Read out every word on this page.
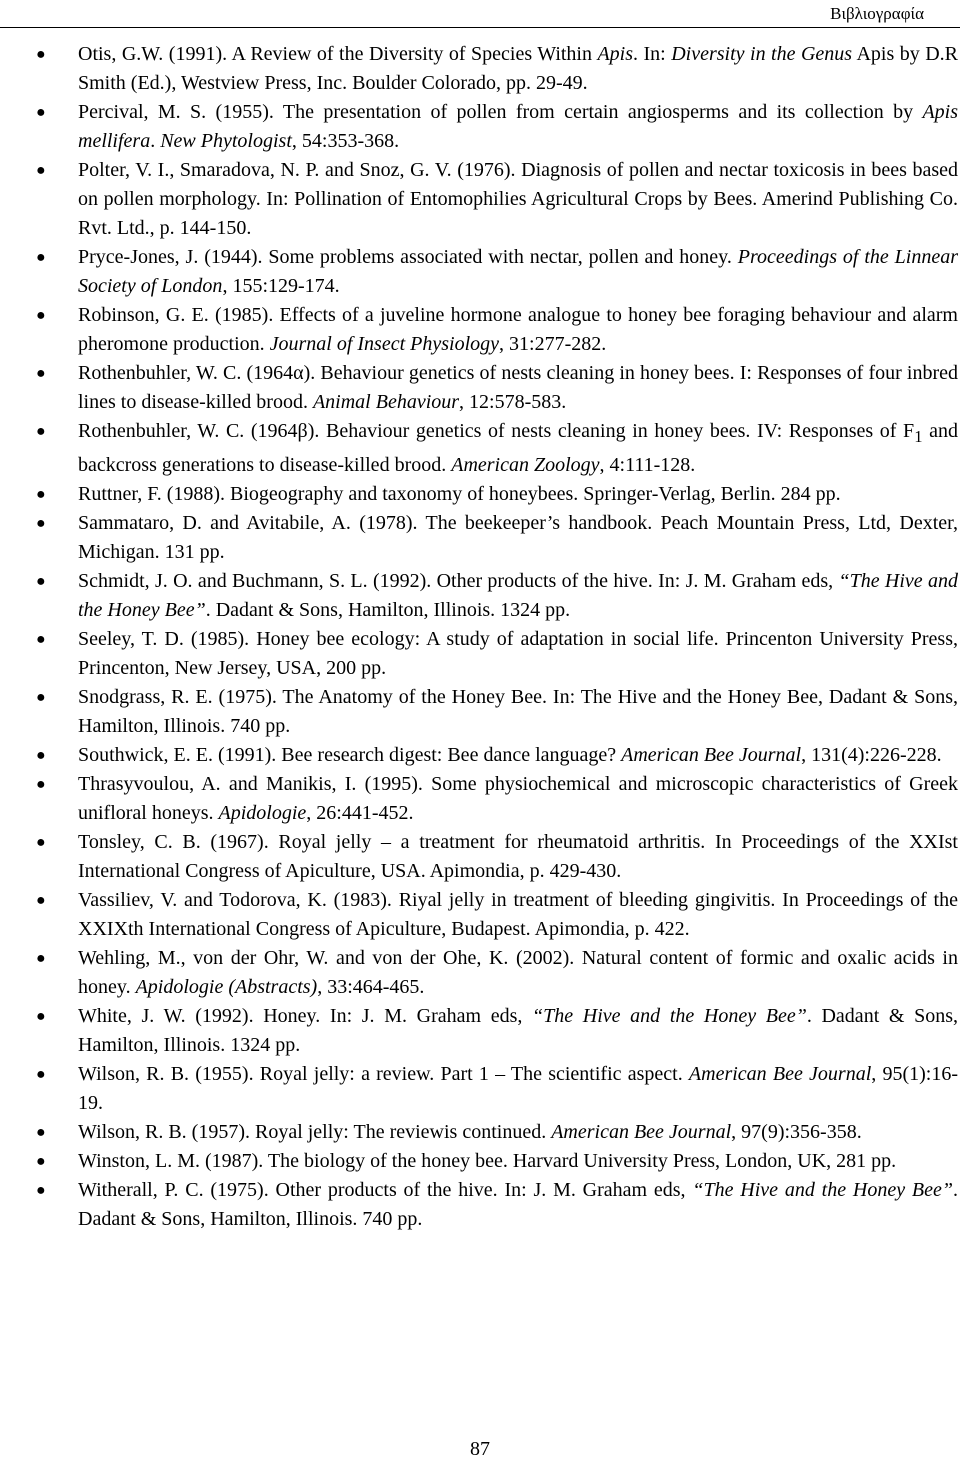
Βιβλιογραφία
● Otis, G.W. (1991). A Review of the Diversity of Species Within Apis. In: Diversity in the Genus Apis by D.R Smith (Ed.), Westview Press, Inc. Boulder Colorado, pp. 29-49.
● Percival, M. S. (1955). The presentation of pollen from certain angiosperms and its collection by Apis mellifera. New Phytologist, 54:353-368.
● Polter, V. I., Smaradova, N. P. and Snoz, G. V. (1976). Diagnosis of pollen and nectar toxicosis in bees based on pollen morphology. In: Pollination of Entomophilies Agricultural Crops by Bees. Amerind Publishing Co. Rvt. Ltd., p. 144-150.
● Pryce-Jones, J. (1944). Some problems associated with nectar, pollen and honey. Proceedings of the Linnear Society of London, 155:129-174.
● Robinson, G. E. (1985). Effects of a juveline hormone analogue to honey bee foraging behaviour and alarm pheromone production. Journal of Insect Physiology, 31:277-282.
● Rothenbuhler, W. C. (1964α). Behaviour genetics of nests cleaning in honey bees. I: Responses of four inbred lines to disease-killed brood. Animal Behaviour, 12:578-583.
● Rothenbuhler, W. C. (1964β). Behaviour genetics of nests cleaning in honey bees. IV: Responses of $F_1$ and backcross generations to disease-killed brood. American Zoology, 4:111-128.
● Ruttner, F. (1988). Biogeography and taxonomy of honeybees. Springer-Verlag, Berlin. 284 pp.
● Sammataro, D. and Avitabile, A. (1978). The beekeeper’s handbook. Peach Mountain Press, Ltd, Dexter, Michigan. 131 pp.
● Schmidt, J. O. and Buchmann, S. L. (1992). Other products of the hive. In: J. M. Graham eds, “The Hive and the Honey Bee”. Dadant & Sons, Hamilton, Illinois. 1324 pp.
● Seeley, T. D. (1985). Honey bee ecology: A study of adaptation in social life. Princenton University Press, Princenton, New Jersey, USA, 200 pp.
● Snodgrass, R. E. (1975). The Anatomy of the Honey Bee. In: The Hive and the Honey Bee, Dadant & Sons, Hamilton, Illinois. 740 pp.
● Southwick, E. E. (1991). Bee research digest: Bee dance language? American Bee Journal, 131(4):226-228.
● Thrasyvoulou, A. and Manikis, I. (1995). Some physiochemical and microscopic characteristics of Greek unifloral honeys. Apidologie, 26:441-452.
● Tonsley, C. B. (1967). Royal jelly – a treatment for rheumatoid arthritis. In Proceedings of the XXIst International Congress of Apiculture, USA. Apimondia, p. 429-430.
● Vassiliev, V. and Todorova, K. (1983). Riyal jelly in treatment of bleeding gingivitis. In Proceedings of the XXIXth International Congress of Apiculture, Budapest. Apimondia, p. 422.
● Wehling, M., von der Ohr, W. and von der Ohe, K. (2002). Natural content of formic and oxalic acids in honey. Apidologie (Abstracts), 33:464-465.
● White, J. W. (1992). Honey. In: J. M. Graham eds, “The Hive and the Honey Bee”. Dadant & Sons, Hamilton, Illinois. 1324 pp.
● Wilson, R. B. (1955). Royal jelly: a review. Part 1 – The scientific aspect. American Bee Journal, 95(1):16-19.
● Wilson, R. B. (1957). Royal jelly: The reviewis continued. American Bee Journal, 97(9):356-358.
● Winston, L. M. (1987). The biology of the honey bee. Harvard University Press, London, UK, 281 pp.
● Witherall, P. C. (1975). Other products of the hive. In: J. M. Graham eds, “The Hive and the Honey Bee”. Dadant & Sons, Hamilton, Illinois. 740 pp.
87
